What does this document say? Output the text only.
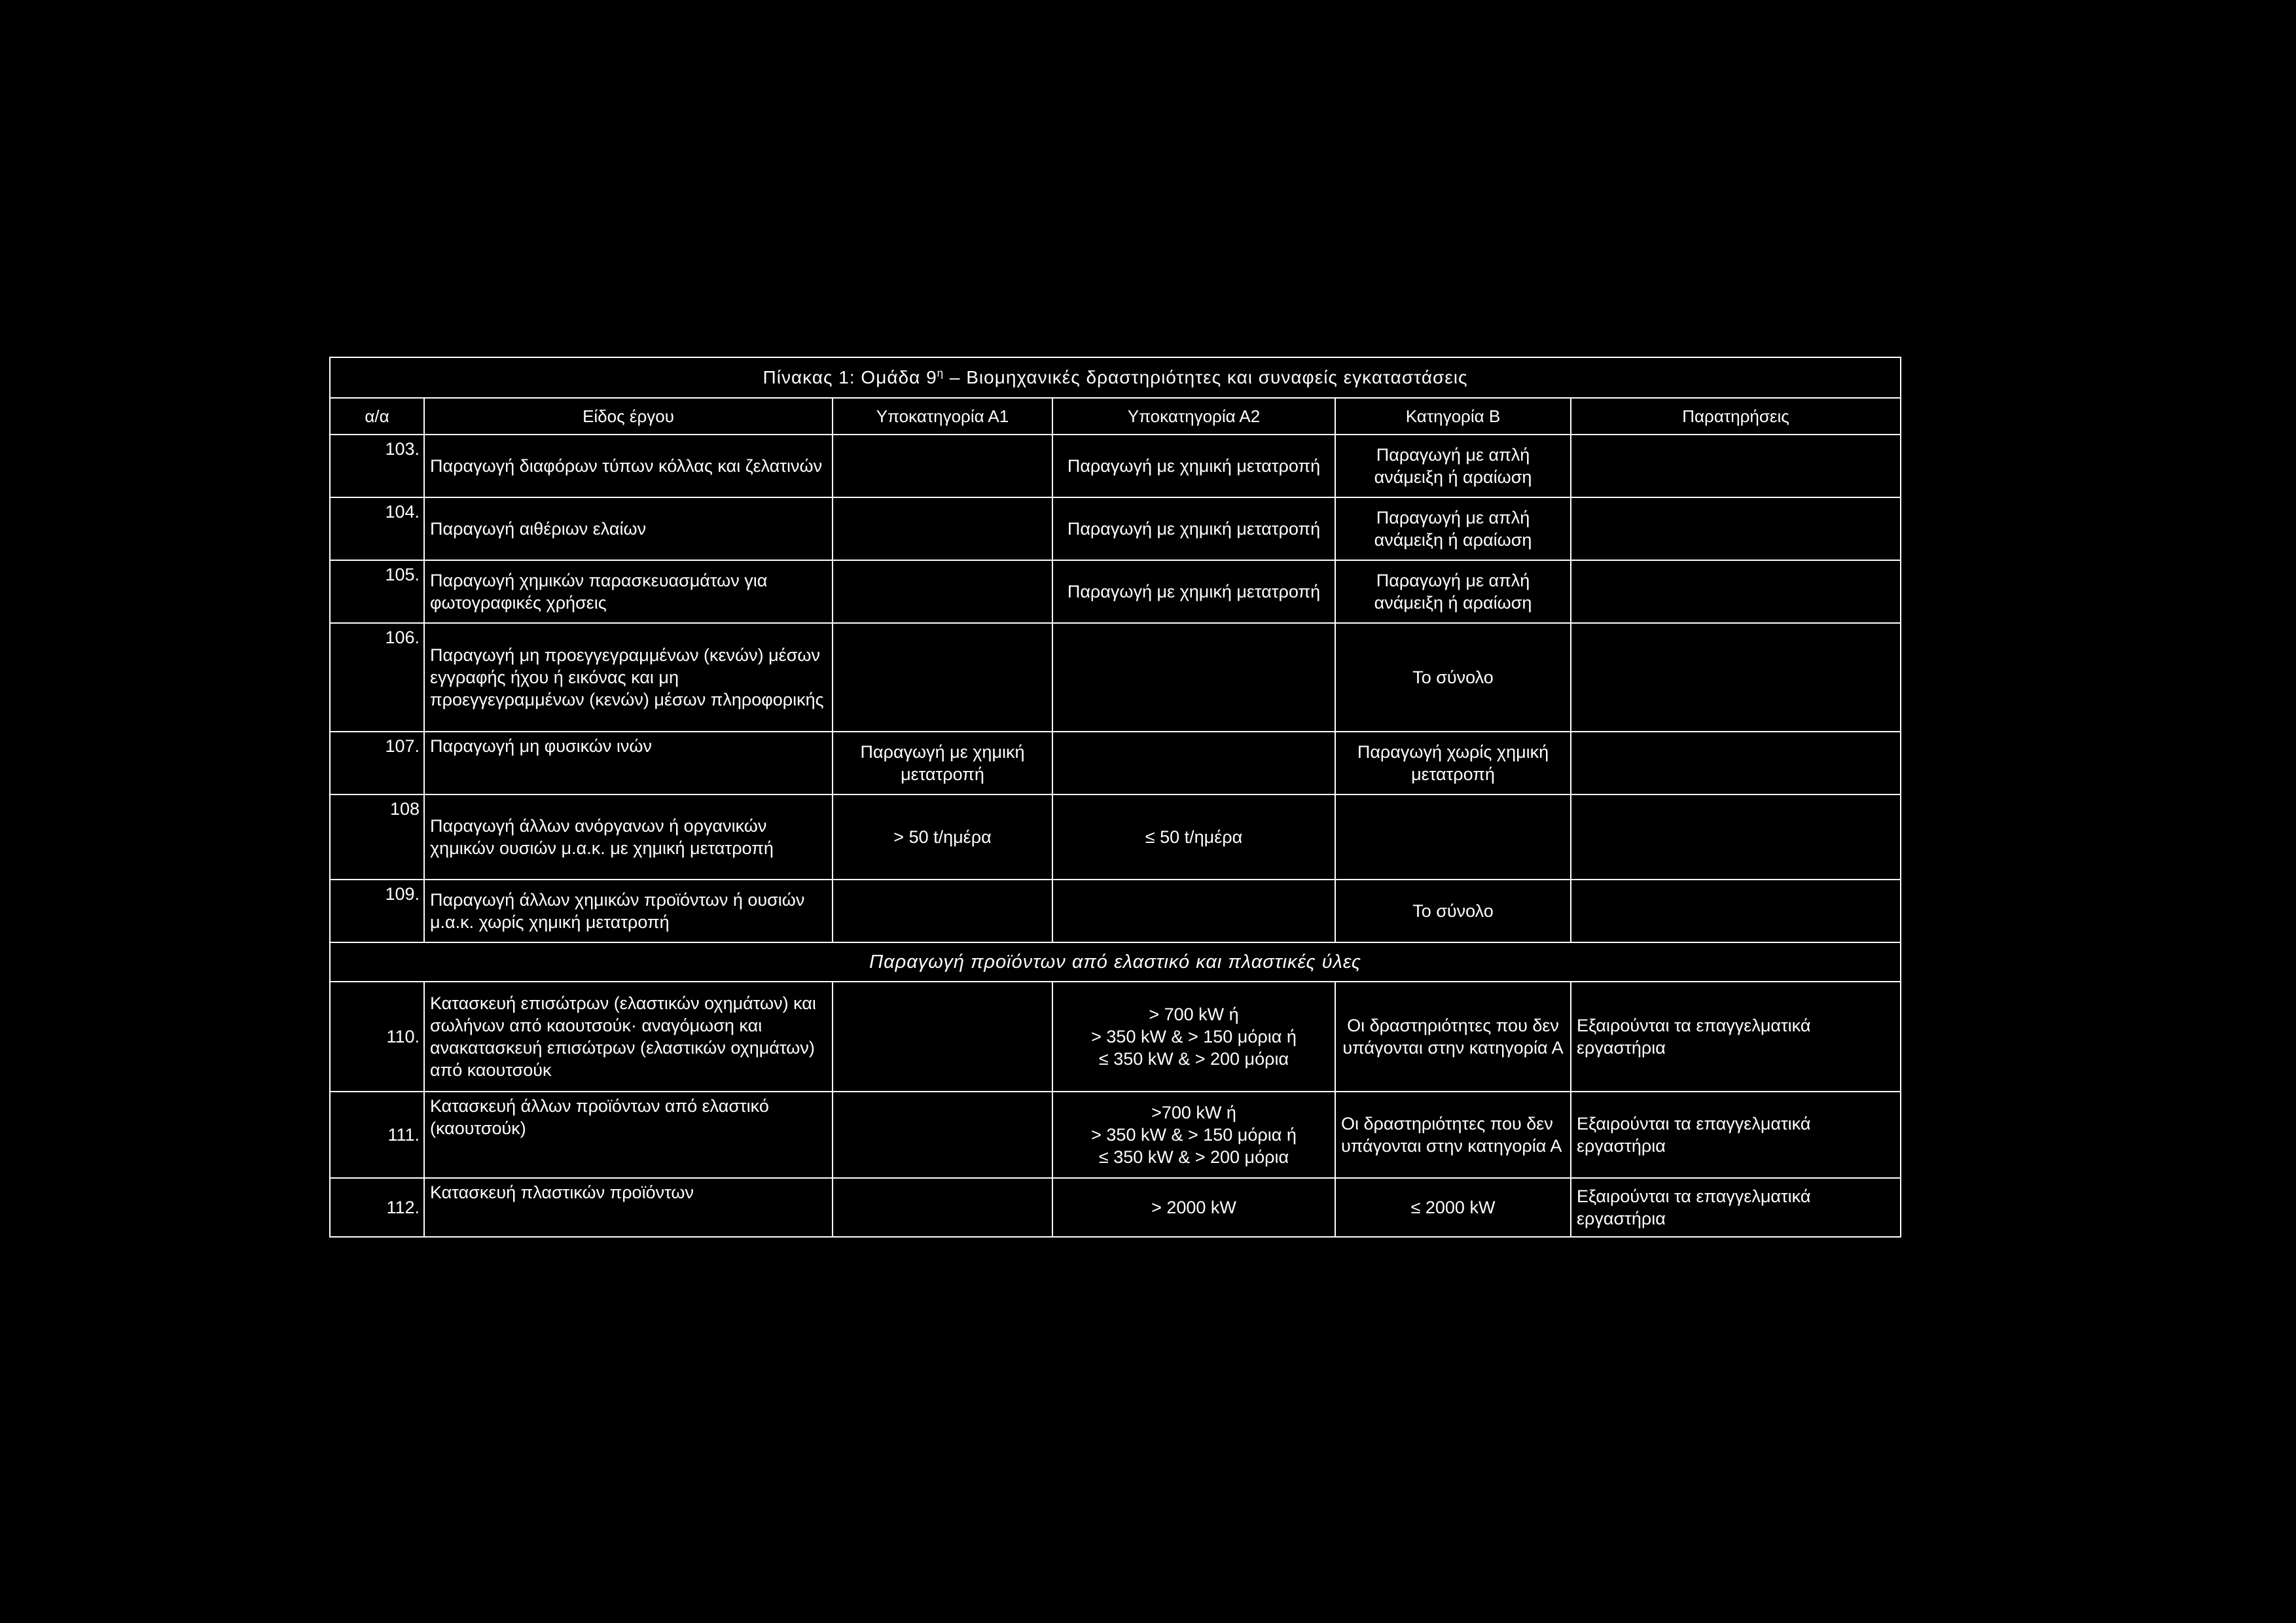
Πίνακας 1: Ομάδα $9^\eta$ – Βιομηχανικές δραστηριότητες και συναφείς εγκαταστάσεις					
α/α	Είδος έργου	Υποκατηγορία Α1	Υποκατηγορία Α2	Κατηγορία Β	Παρατηρήσεις
103.	Παραγωγή διαφόρων τύπων κόλλας και ζελατινών		Παραγωγή με χημική μετατροπή	Παραγωγή με απλή ανάμειξη ή αραίωση	
104.	Παραγωγή αιθέριων ελαίων		Παραγωγή με χημική μετατροπή	Παραγωγή με απλή ανάμειξη ή αραίωση	
105.	Παραγωγή χημικών παρασκευασμάτων για φωτογραφικές χρήσεις		Παραγωγή με χημική μετατροπή	Παραγωγή με απλή ανάμειξη ή αραίωση	
106.	Παραγωγή μη προεγγεγραμμένων (κενών) μέσων εγγραφής ήχου ή εικόνας και μη προεγγεγραμμένων (κενών) μέσων πληροφορικής			Το σύνολο	
107.	Παραγωγή μη φυσικών ινών	Παραγωγή με χημική μετατροπή		Παραγωγή χωρίς χημική μετατροπή	
108	Παραγωγή άλλων ανόργανων ή οργανικών χημικών ουσιών μ.α.κ. με χημική μετατροπή	> 50 t/ημέρα	≤ 50 t/ημέρα		
109.	Παραγωγή άλλων χημικών προϊόντων ή ουσιών μ.α.κ. χωρίς χημική μετατροπή			Το σύνολο	
Παραγωγή προϊόντων από ελαστικό και πλαστικές ύλες					
110.	Κατασκευή επισώτρων (ελαστικών οχημάτων) και σωλήνων από καουτσούκ· αναγόμωση και ανακατασκευή επισώτρων (ελαστικών οχημάτων) από καουτσούκ		> 700 kW ή
> 350 kW & > 150 μόρια ή
≤ 350 kW & > 200 μόρια	Οι δραστηριότητες που δεν υπάγονται στην κατηγορία Α	Εξαιρούνται τα επαγγελματικά εργαστήρια
111.	Κατασκευή άλλων προϊόντων από ελαστικό (καουτσούκ)		>700 kW ή
> 350 kW & > 150 μόρια ή
≤ 350 kW & > 200 μόρια	Οι δραστηριότητες που δεν υπάγονται στην κατηγορία Α	Εξαιρούνται τα επαγγελματικά εργαστήρια
112.	Κατασκευή πλαστικών προϊόντων		> 2000 kW	≤ 2000 kW	Εξαιρούνται τα επαγγελματικά εργαστήρια
